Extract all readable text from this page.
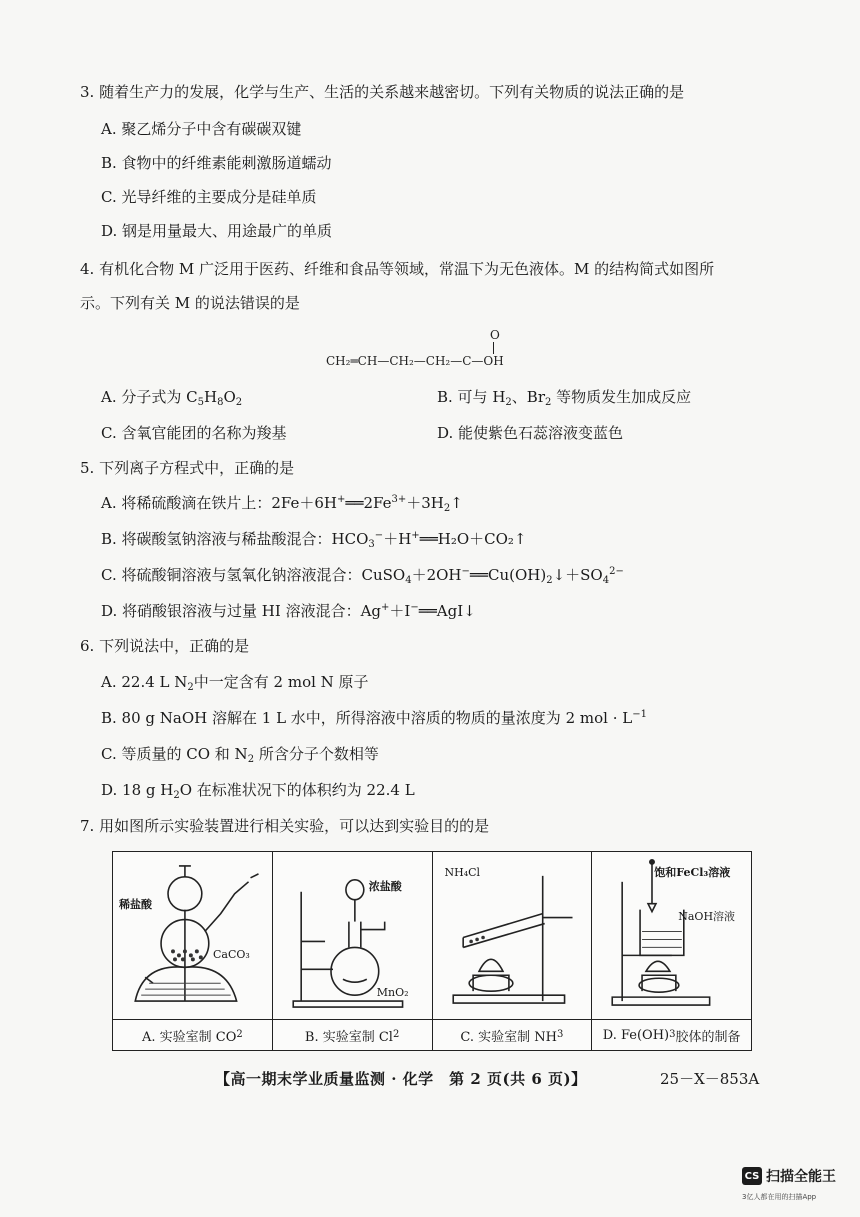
3. 随着生产力的发展，化学与生产、生活的关系越来越密切。下列有关物质的说法正确的是
A. 聚乙烯分子中含有碳碳双键
B. 食物中的纤维素能刺激肠道蠕动
C. 光导纤维的主要成分是硅单质
D. 钢是用量最大、用途最广的单质
4. 有机化合物 M 广泛用于医药、纤维和食品等领域，常温下为无色液体。M 的结构简式如图所
示。下列有关 M 的说法错误的是
O
CH₂═CH—CH₂—CH₂—C—OH
A. 分子式为 $C_5H_8O_2$	B. 可与 $H_2$、$Br_2$ 等物质发生加成反应
C. 含氧官能团的名称为羧基	D. 能使紫色石蕊溶液变蓝色
5. 下列离子方程式中，正确的是
A. 将稀硫酸滴在铁片上：$2Fe+6H^+══2Fe^{3+}+3H_2↑$
B. 将碳酸氢钠溶液与稀盐酸混合：$HCO_3^-+H^+══H_2O+CO_2↑$
C. 将硫酸铜溶液与氢氧化钠溶液混合：$CuSO_4+2OH^-══Cu(OH)_2↓+SO_4^{2-}$
D. 将硝酸银溶液与过量 HI 溶液混合：Ag+＋I−══AgI↓
6. 下列说法中，正确的是
A. 22.4 L $N_2$中一定含有 2 mol N 原子
B. 80 g NaOH 溶解在 1 L 水中，所得溶液中溶质的物质的量浓度为 2 mol · $L^{-1}$
C. 等质量的 CO 和 $N_2$ 所含分子个数相等
D. 18 g $H_2O$ 在标准状况下的体积约为 22.4 L
7. 用如图所示实验装置进行相关实验，可以达到实验目的的是
稀盐酸
CaCO₃
A. 实验室制 CO 2
浓盐酸
MnO₂
B. 实验室制 Cl 2
NH₄Cl
C. 实验室制 NH 3
饱和FeCl₃溶液
NaOH溶液
D. Fe(OH) 3 胶体的制备
【高一期末学业质量监测 · 化学　第 2 页(共 6 页)】	25－X－853A
CS 扫描全能王
3亿人都在用的扫描App
